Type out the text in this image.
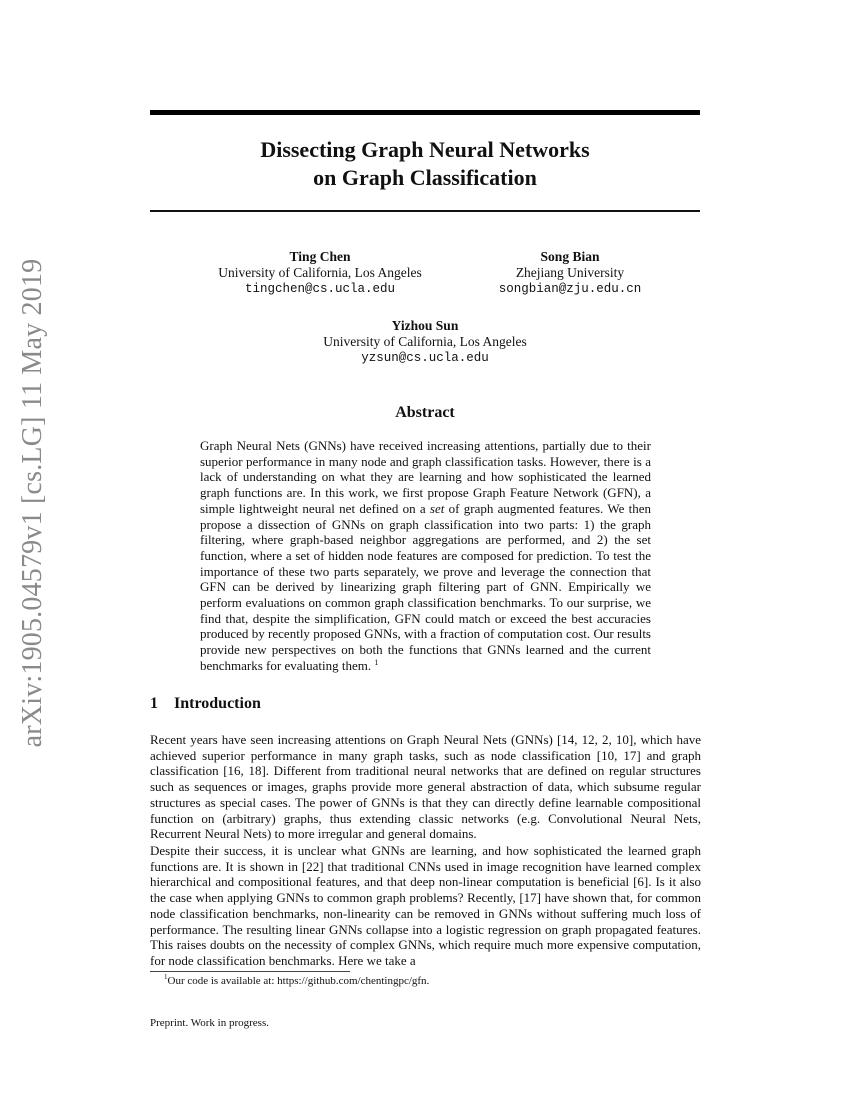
arXiv:1905.04579v1 [cs.LG] 11 May 2019
Dissecting Graph Neural Networks
on Graph Classification
Ting Chen
University of California, Los Angeles
tingchen@cs.ucla.edu
Song Bian
Zhejiang University
songbian@zju.edu.cn
Yizhou Sun
University of California, Los Angeles
yzsun@cs.ucla.edu
Abstract
Graph Neural Nets (GNNs) have received increasing attentions, partially due to their superior performance in many node and graph classification tasks. However, there is a lack of understanding on what they are learning and how sophisticated the learned graph functions are. In this work, we first propose Graph Feature Network (GFN), a simple lightweight neural net defined on a set of graph augmented features. We then propose a dissection of GNNs on graph classification into two parts: 1) the graph filtering, where graph-based neighbor aggregations are performed, and 2) the set function, where a set of hidden node features are composed for prediction. To test the importance of these two parts separately, we prove and leverage the connection that GFN can be derived by linearizing graph filtering part of GNN. Empirically we perform evaluations on common graph classification benchmarks. To our surprise, we find that, despite the simplification, GFN could match or exceed the best accuracies produced by recently proposed GNNs, with a fraction of computation cost. Our results provide new perspectives on both the functions that GNNs learned and the current benchmarks for evaluating them. $^1$
1 Introduction
Recent years have seen increasing attentions on Graph Neural Nets (GNNs) [14, 12, 2, 10], which have achieved superior performance in many graph tasks, such as node classification [10, 17] and graph classification [16, 18]. Different from traditional neural networks that are defined on regular structures such as sequences or images, graphs provide more general abstraction of data, which subsume regular structures as special cases. The power of GNNs is that they can directly define learnable compositional function on (arbitrary) graphs, thus extending classic networks (e.g. Convolutional Neural Nets, Recurrent Neural Nets) to more irregular and general domains.
Despite their success, it is unclear what GNNs are learning, and how sophisticated the learned graph functions are. It is shown in [22] that traditional CNNs used in image recognition have learned complex hierarchical and compositional features, and that deep non-linear computation is beneficial [6]. Is it also the case when applying GNNs to common graph problems? Recently, [17] have shown that, for common node classification benchmarks, non-linearity can be removed in GNNs without suffering much loss of performance. The resulting linear GNNs collapse into a logistic regression on graph propagated features. This raises doubts on the necessity of complex GNNs, which require much more expensive computation, for node classification benchmarks. Here we take a
$^1$Our code is available at: https://github.com/chentingpc/gfn.
Preprint. Work in progress.
